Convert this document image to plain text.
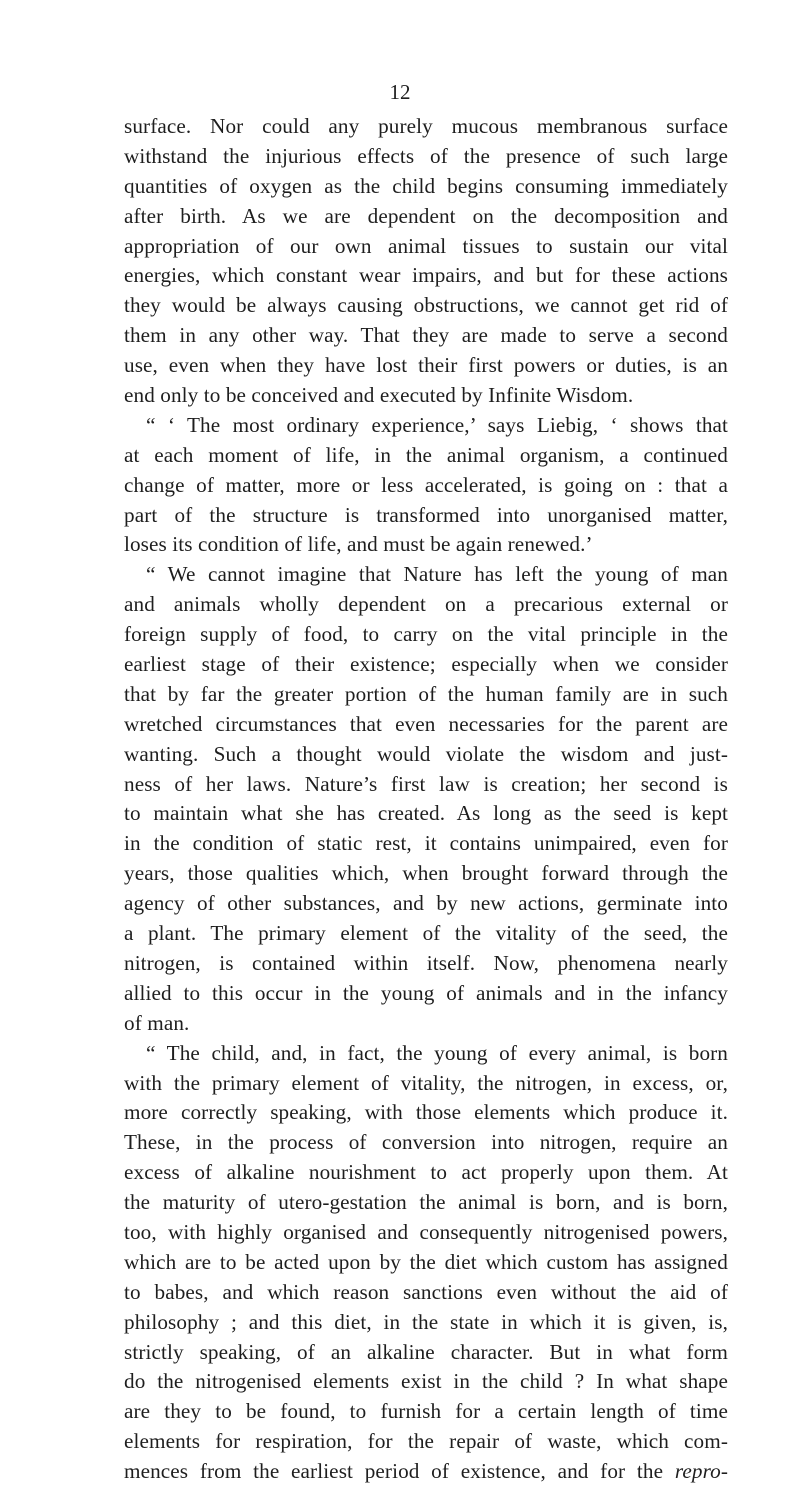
12
surface. Nor could any purely mucous membranous surface
withstand the injurious effects of the presence of such large
quantities of oxygen as the child begins consuming immediately
after birth. As we are dependent on the decomposition and
appropriation of our own animal tissues to sustain our vital
energies, which constant wear impairs, and but for these actions
they would be always causing obstructions, we cannot get rid of
them in any other way. That they are made to serve a second
use, even when they have lost their first powers or duties, is an
end only to be conceived and executed by Infinite Wisdom.
“ ‘ The most ordinary experience,’ says Liebig, ‘ shows that
at each moment of life, in the animal organism, a continued
change of matter, more or less accelerated, is going on : that a
part of the structure is transformed into unorganised matter,
loses its condition of life, and must be again renewed.’
“ We cannot imagine that Nature has left the young of man
and animals wholly dependent on a precarious external or
foreign supply of food, to carry on the vital principle in the
earliest stage of their existence; especially when we consider
that by far the greater portion of the human family are in such
wretched circumstances that even necessaries for the parent are
wanting. Such a thought would violate the wisdom and just-
ness of her laws. Nature’s first law is creation; her second is
to maintain what she has created. As long as the seed is kept
in the condition of static rest, it contains unimpaired, even for
years, those qualities which, when brought forward through the
agency of other substances, and by new actions, germinate into
a plant. The primary element of the vitality of the seed, the
nitrogen, is contained within itself. Now, phenomena nearly
allied to this occur in the young of animals and in the infancy
of man.
“ The child, and, in fact, the young of every animal, is born
with the primary element of vitality, the nitrogen, in excess, or,
more correctly speaking, with those elements which produce it.
These, in the process of conversion into nitrogen, require an
excess of alkaline nourishment to act properly upon them. At
the maturity of utero-gestation the animal is born, and is born,
too, with highly organised and consequently nitrogenised powers,
which are to be acted upon by the diet which custom has assigned
to babes, and which reason sanctions even without the aid of
philosophy ; and this diet, in the state in which it is given, is,
strictly speaking, of an alkaline character. But in what form
do the nitrogenised elements exist in the child ? In what shape
are they to be found, to furnish for a certain length of time
elements for respiration, for the repair of waste, which com-
mences from the earliest period of existence, and for the repro-
